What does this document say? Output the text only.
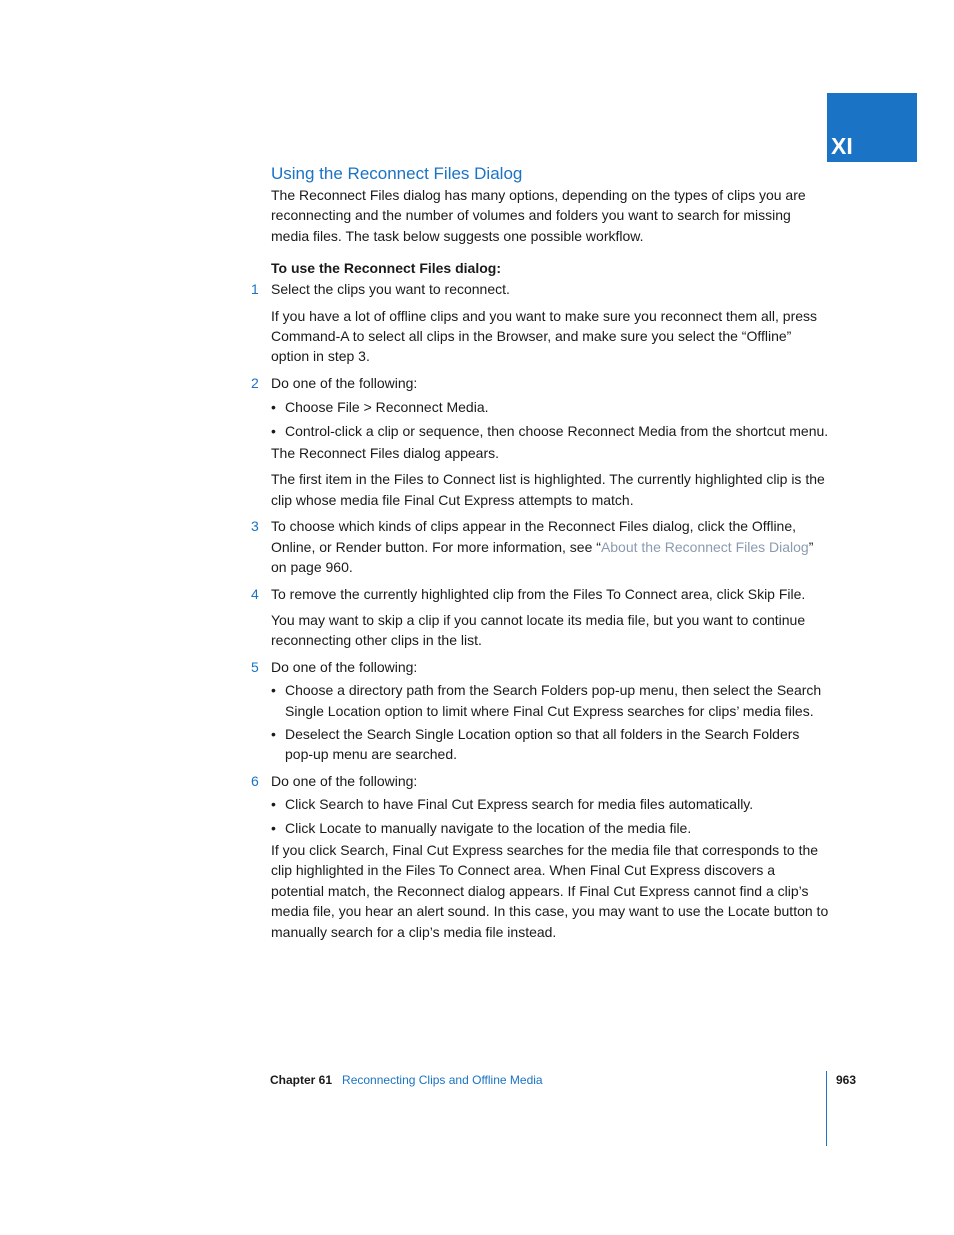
XI
Using the Reconnect Files Dialog

The Reconnect Files dialog has many options, depending on the types of clips you are reconnecting and the number of volumes and folders you want to search for missing media files. The task below suggests one possible workflow.

To use the Reconnect Files dialog:

1 Select the clips you want to reconnect.

If you have a lot of offline clips and you want to make sure you reconnect them all, press Command-A to select all clips in the Browser, and make sure you select the “Offline” option in step 3.

2 Do one of the following:

• Choose File > Reconnect Media.
• Control-click a clip or sequence, then choose Reconnect Media from the shortcut menu.

The Reconnect Files dialog appears.

The first item in the Files to Connect list is highlighted. The currently highlighted clip is the clip whose media file Final Cut Express attempts to match.

3 To choose which kinds of clips appear in the Reconnect Files dialog, click the Offline, Online, or Render button. For more information, see “About the Reconnect Files Dialog” on page 960.

4 To remove the currently highlighted clip from the Files To Connect area, click Skip File.

You may want to skip a clip if you cannot locate its media file, but you want to continue reconnecting other clips in the list.

5 Do one of the following:

• Choose a directory path from the Search Folders pop-up menu, then select the Search Single Location option to limit where Final Cut Express searches for clips’ media files.
• Deselect the Search Single Location option so that all folders in the Search Folders pop-up menu are searched.
6 Do one of the following:

• Click Search to have Final Cut Express search for media files automatically.
• Click Locate to manually navigate to the location of the media file.

If you click Search, Final Cut Express searches for the media file that corresponds to the clip highlighted in the Files To Connect area. When Final Cut Express discovers a potential match, the Reconnect dialog appears. If Final Cut Express cannot find a clip’s media file, you hear an alert sound. In this case, you may want to use the Locate button to manually search for a clip’s media file instead.

Chapter 61 Reconnecting Clips and Offline Media	963
